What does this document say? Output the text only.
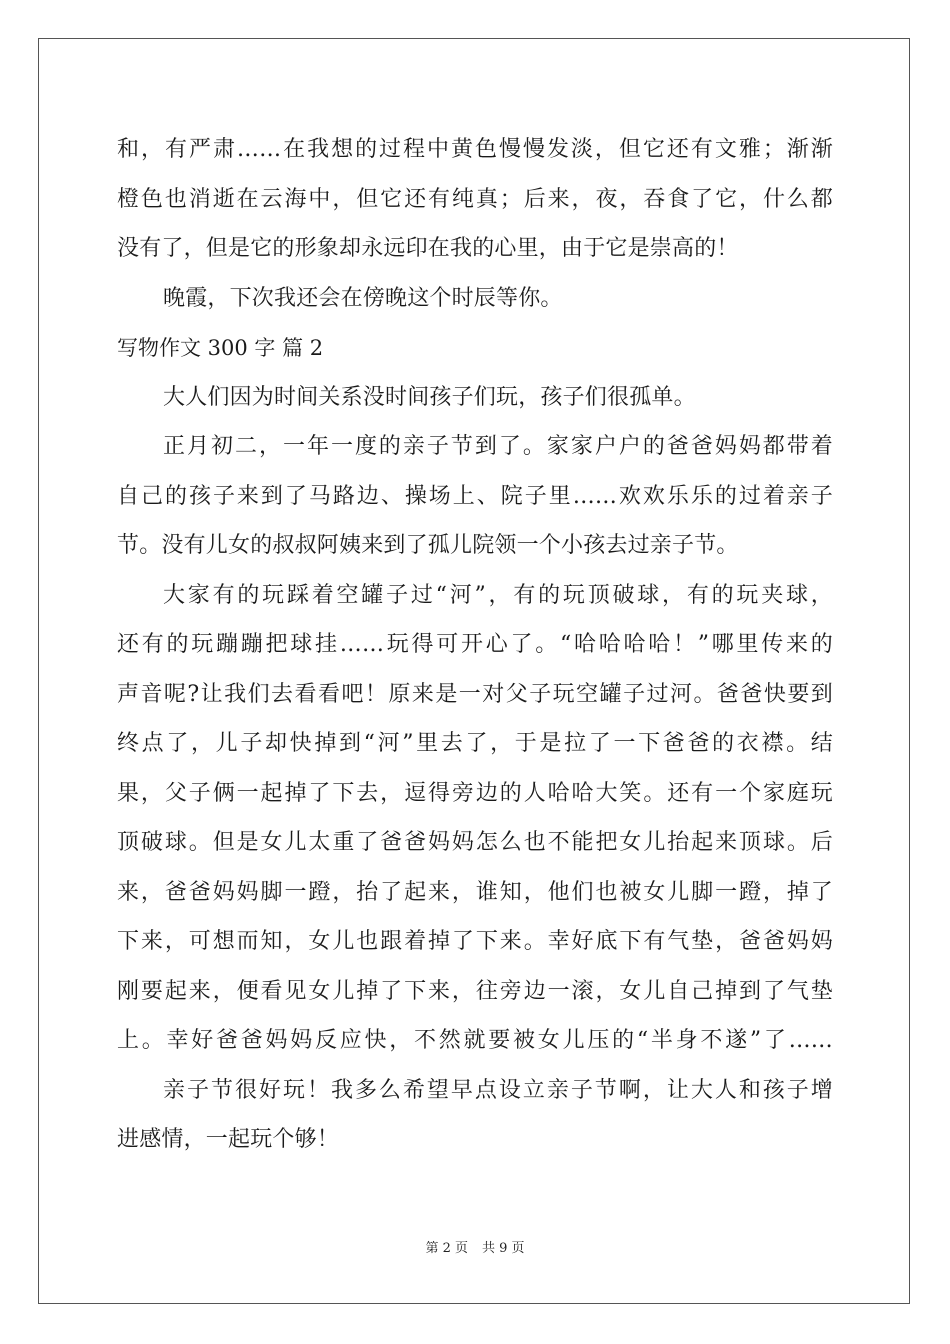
和，有严肃……在我想的过程中黄色慢慢发淡，但它还有文雅；渐渐
橙色也消逝在云海中，但它还有纯真；后来，夜，吞食了它，什么都
没有了，但是它的形象却永远印在我的心里，由于它是崇高的！
晚霞，下次我还会在傍晚这个时辰等你。
写物作文 300 字 篇 2
大人们因为时间关系没时间孩子们玩，孩子们很孤单。
正月初二，一年一度的亲子节到了。家家户户的爸爸妈妈都带着
自己的孩子来到了马路边、操场上、院子里……欢欢乐乐的过着亲子
节。没有儿女的叔叔阿姨来到了孤儿院领一个小孩去过亲子节。
大家有的玩踩着空罐子过“河”，有的玩顶破球，有的玩夹球，
还有的玩蹦蹦把球挂……玩得可开心了。“哈哈哈哈！”哪里传来的
声音呢?让我们去看看吧！原来是一对父子玩空罐子过河。爸爸快要到
终点了，儿子却快掉到“河”里去了，于是拉了一下爸爸的衣襟。结
果，父子俩一起掉了下去，逗得旁边的人哈哈大笑。还有一个家庭玩
顶破球。但是女儿太重了爸爸妈妈怎么也不能把女儿抬起来顶球。后
来，爸爸妈妈脚一蹬，抬了起来，谁知，他们也被女儿脚一蹬，掉了
下来，可想而知，女儿也跟着掉了下来。幸好底下有气垫，爸爸妈妈
刚要起来，便看见女儿掉了下来，往旁边一滚，女儿自己掉到了气垫
上。幸好爸爸妈妈反应快，不然就要被女儿压的“半身不遂”了……
亲子节很好玩！我多么希望早点设立亲子节啊，让大人和孩子增
进感情，一起玩个够！
第 2 页 共 9 页
